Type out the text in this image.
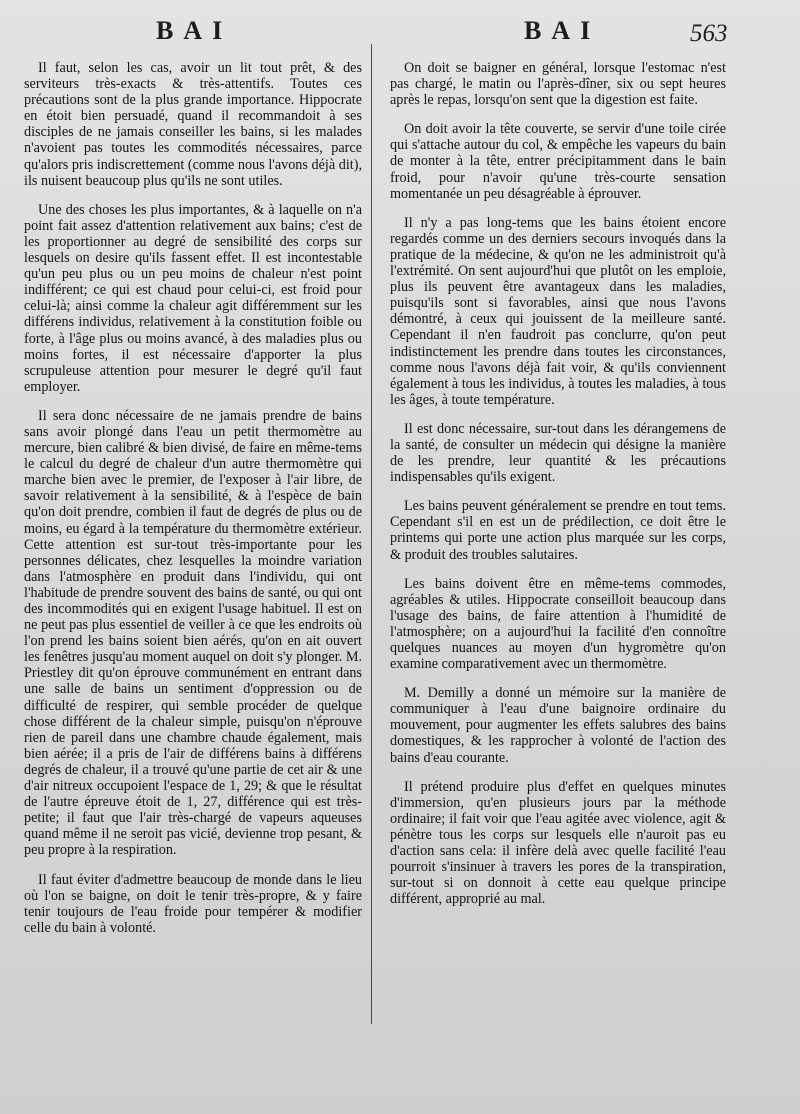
BAI	BAI	563

Il faut, selon les cas, avoir un lit tout prêt, & des serviteurs très-exacts & très-attentifs. Toutes ces précautions sont de la plus grande importance. Hippocrate en étoit bien persuadé, quand il recommandoit à ses disciples de ne jamais conseiller les bains, si les malades n'avoient pas toutes les commodités nécessaires, parce qu'alors pris indiscrettement (comme nous l'avons déjà dit), ils nuisent beaucoup plus qu'ils ne sont utiles.

Une des choses les plus importantes, & à laquelle on n'a point fait assez d'attention relativement aux bains; c'est de les proportionner au degré de sensibilité des corps sur lesquels on desire qu'ils fassent effet. Il est incontestable qu'un peu plus ou un peu moins de chaleur n'est point indifférent; ce qui est chaud pour celui-ci, est froid pour celui-là; ainsi comme la chaleur agit différemment sur les différens individus, relativement à la constitution foible ou forte, à l'âge plus ou moins avancé, à des maladies plus ou moins fortes, il est nécessaire d'apporter la plus scrupuleuse attention pour mesurer le degré qu'il faut employer.

Il sera donc nécessaire de ne jamais prendre de bains sans avoir plongé dans l'eau un petit thermomètre au mercure, bien calibré & bien divisé, de faire en même-tems le calcul du degré de chaleur d'un autre thermomètre qui marche bien avec le premier, de l'exposer à l'air libre, de savoir relativement à la sensibilité, & à l'espèce de bain qu'on doit prendre, combien il faut de degrés de plus ou de moins, eu égard à la température du thermomètre extérieur. Cette attention est sur-tout très-importante pour les personnes délicates, chez lesquelles la moindre variation dans l'atmosphère en produit dans l'individu, qui ont l'habitude de prendre souvent des bains de santé, ou qui ont des incommodités qui en exigent l'usage habituel. Il est on ne peut pas plus essentiel de veiller à ce que les endroits où l'on prend les bains soient bien aérés, qu'on en ait ouvert les fenêtres jusqu'au moment auquel on doit s'y plonger. M. Priestley dit qu'on éprouve communément en entrant dans une salle de bains un sentiment d'oppression ou de difficulté de respirer, qui semble procéder de quelque chose différent de la chaleur simple, puisqu'on n'éprouve rien de pareil dans une chambre chaude également, mais bien aérée; il a pris de l'air de différens bains à différens degrés de chaleur, il a trouvé qu'une partie de cet air & une d'air nitreux occupoient l'espace de 1, 29; & que le résultat de l'autre épreuve étoit de 1, 27, différence qui est très-petite; il faut que l'air très-chargé de vapeurs aqueuses quand même il ne seroit pas vicié, devienne trop pesant, & peu propre à la respiration.

Il faut éviter d'admettre beaucoup de monde dans le lieu où l'on se baigne, on doit le tenir très-propre, & y faire tenir toujours de l'eau froide pour tempérer & modifier celle du bain à volonté.

On doit se baigner en général, lorsque l'estomac n'est pas chargé, le matin ou l'après-dîner, six ou sept heures après le repas, lorsqu'on sent que la digestion est faite.

On doit avoir la tête couverte, se servir d'une toile cirée qui s'attache autour du col, & empêche les vapeurs du bain de monter à la tête, entrer précipitamment dans le bain froid, pour n'avoir qu'une très-courte sensation momentanée un peu désagréable à éprouver.

Il n'y a pas long-tems que les bains étoient encore regardés comme un des derniers secours invoqués dans la pratique de la médecine, & qu'on ne les administroit qu'à l'extrémité. On sent aujourd'hui que plutôt on les emploie, plus ils peuvent être avantageux dans les maladies, puisqu'ils sont si favorables, ainsi que nous l'avons démontré, à ceux qui jouissent de la meilleure santé. Cependant il n'en faudroit pas conclurre, qu'on peut indistinctement les prendre dans toutes les circonstances, comme nous l'avons déjà fait voir, & qu'ils conviennent également à tous les individus, à toutes les maladies, à tous les âges, à toute température.

Il est donc nécessaire, sur-tout dans les dérangemens de la santé, de consulter un médecin qui désigne la manière de les prendre, leur quantité & les précautions indispensables qu'ils exigent.

Les bains peuvent généralement se prendre en tout tems. Cependant s'il en est un de prédilection, ce doit être le printems qui porte une action plus marquée sur les corps, & produit des troubles salutaires.

Les bains doivent être en même-tems commodes, agréables & utiles. Hippocrate conseilloit beaucoup dans l'usage des bains, de faire attention à l'humidité de l'atmosphère; on a aujourd'hui la facilité d'en connoître quelques nuances au moyen d'un hygromètre qu'on examine comparativement avec un thermomètre.

M. Demilly a donné un mémoire sur la manière de communiquer à l'eau d'une baignoire ordinaire du mouvement, pour augmenter les effets salubres des bains domestiques, & les rapprocher à volonté de l'action des bains d'eau courante.

Il prétend produire plus d'effet en quelques minutes d'immersion, qu'en plusieurs jours par la méthode ordinaire; il fait voir que l'eau agitée avec violence, agit & pénètre tous les corps sur lesquels elle n'auroit pas eu d'action sans cela: il infère delà avec quelle facilité l'eau pourroit s'insinuer à travers les pores de la transpiration, sur-tout si on donnoit à cette eau quelque principe différent, approprié au mal.
